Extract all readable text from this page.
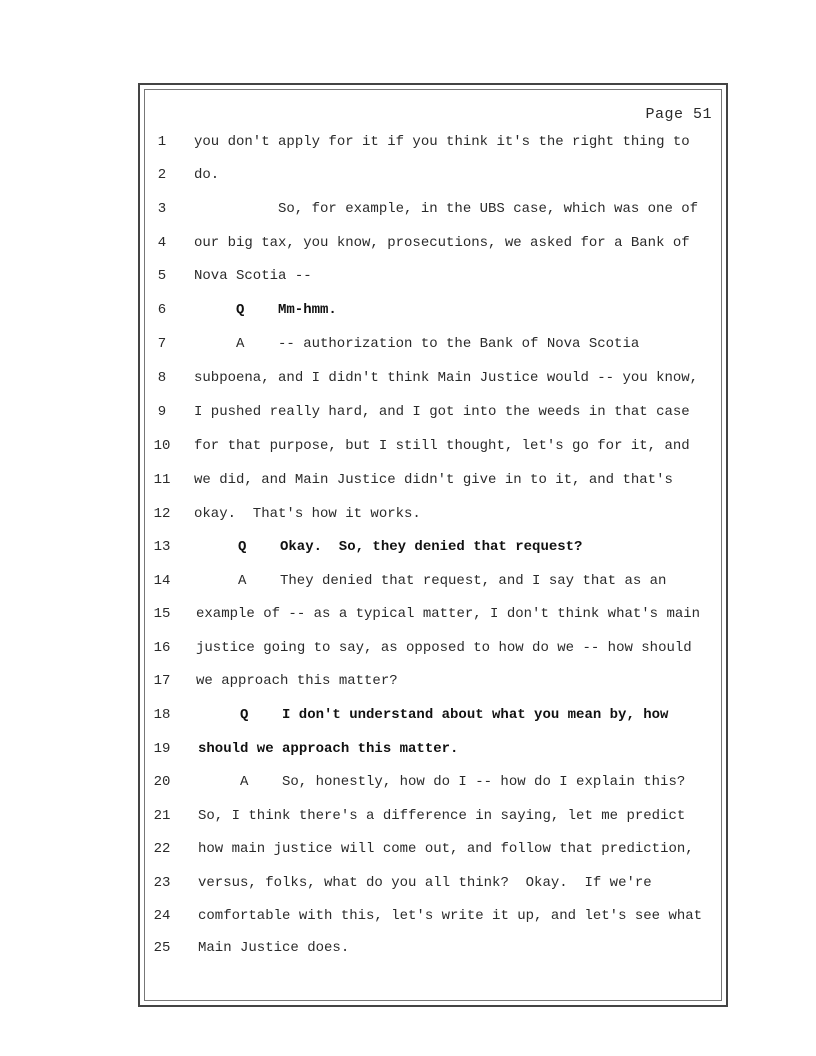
Page 51
1	you don't apply for it if you think it's the right thing to
2	do.
3	So, for example, in the UBS case, which was one of
4	our big tax, you know, prosecutions, we asked for a Bank of
5	Nova Scotia --
6	Q Mm-hmm.
7	A -- authorization to the Bank of Nova Scotia
8	subpoena, and I didn't think Main Justice would -- you know,
9	I pushed really hard, and I got into the weeds in that case
10 for that purpose, but I still thought, let's go for it, and
11 we did, and Main Justice didn't give in to it, and that's
12 okay.  That's how it works.
13	Q Okay.  So, they denied that request?
14	A They denied that request, and I say that as an
15 example of -- as a typical matter, I don't think what's main
16 justice going to say, as opposed to how do we -- how should
17 we approach this matter?
18	Q I don't understand about what you mean by, how
19 should we approach this matter.
20	A So, honestly, how do I -- how do I explain this?
21 So, I think there's a difference in saying, let me predict
22 how main justice will come out, and follow that prediction,
23 versus, folks, what do you all think?  Okay.  If we're
24 comfortable with this, let's write it up, and let's see what
25 Main Justice does.
